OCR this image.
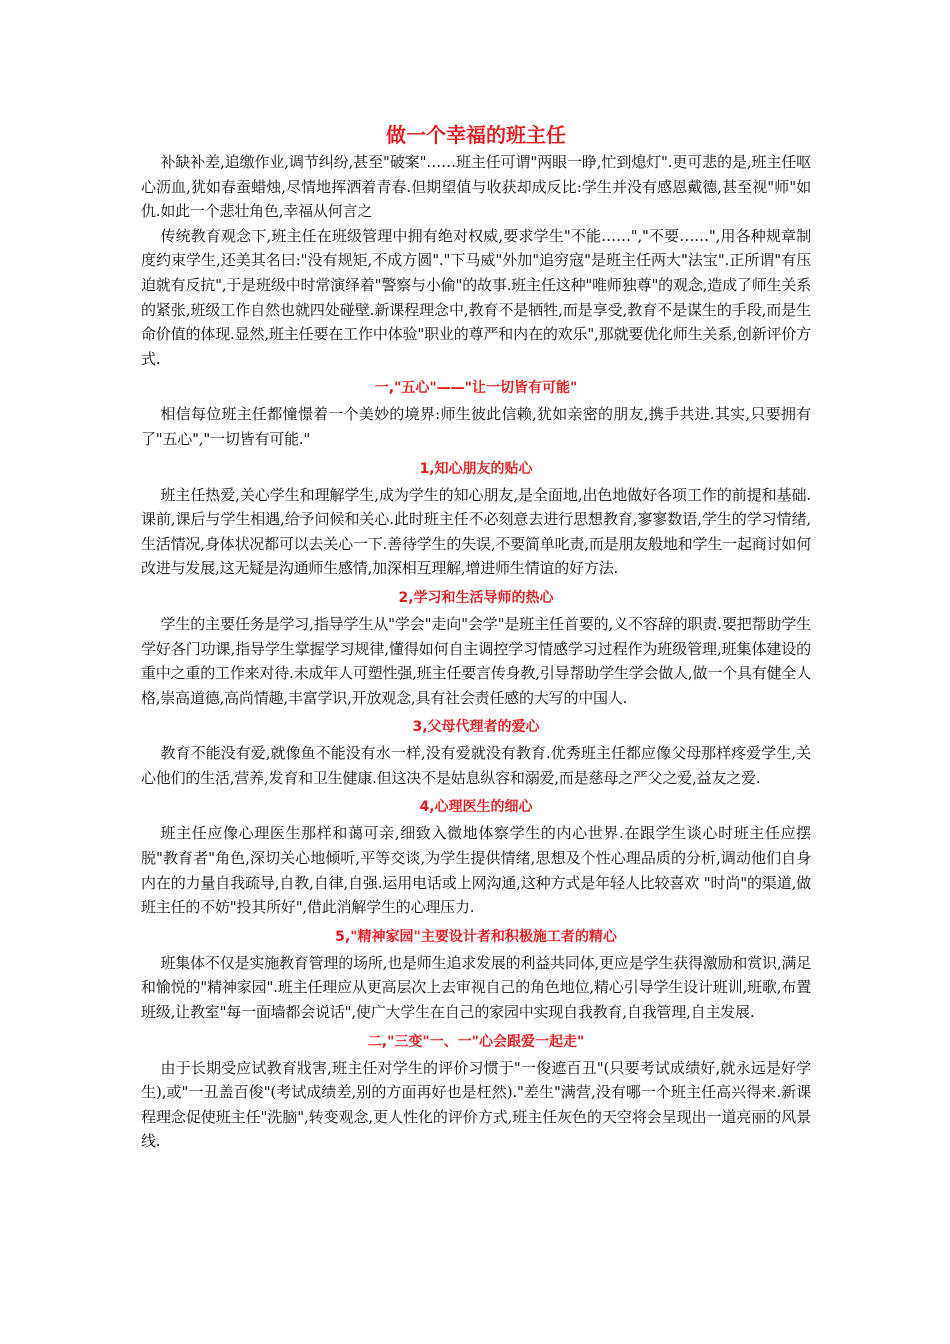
做一个幸福的班主任

补缺补差,追缴作业,调节纠纷,甚至"破案"……班主任可谓"两眼一睁,忙到熄灯".更可悲的是,班主任呕心沥血,犹如春蚕蜡烛,尽情地挥洒着青春.但期望值与收获却成反比:学生并没有感恩戴德,甚至视"师"如仇.如此一个悲壮角色,幸福从何言之

传统教育观念下,班主任在班级管理中拥有绝对权威,要求学生"不能……","不要……",用各种规章制度约束学生,还美其名曰:"没有规矩,不成方圆"."下马威"外加"追穷寇"是班主任两大"法宝".正所谓"有压迫就有反抗",于是班级中时常演绎着"警察与小偷"的故事.班主任这种"唯师独尊"的观念,造成了师生关系的紧张,班级工作自然也就四处碰壁.新课程理念中,教育不是牺牲,而是享受,教育不是谋生的手段,而是生命价值的体现.显然,班主任要在工作中体验"职业的尊严和内在的欢乐",那就要优化师生关系,创新评价方式.

一,"五心"——"让一切皆有可能"

相信每位班主任都憧憬着一个美妙的境界:师生彼此信赖,犹如亲密的朋友,携手共进.其实,只要拥有了"五心","一切皆有可能."

1,知心朋友的贴心

班主任热爱,关心学生和理解学生,成为学生的知心朋友,是全面地,出色地做好各项工作的前提和基础.课前,课后与学生相遇,给予问候和关心.此时班主任不必刻意去进行思想教育,寥寥数语,学生的学习情绪,生活情况,身体状况都可以去关心一下.善待学生的失误,不要简单叱责,而是朋友般地和学生一起商讨如何改进与发展,这无疑是沟通师生感情,加深相互理解,增进师生情谊的好方法.

2,学习和生活导师的热心

学生的主要任务是学习,指导学生从"学会"走向"会学"是班主任首要的,义不容辞的职责.要把帮助学生学好各门功课,指导学生掌握学习规律,懂得如何自主调控学习情感学习过程作为班级管理,班集体建设的重中之重的工作来对待.未成年人可塑性强,班主任要言传身教,引导帮助学生学会做人,做一个具有健全人格,崇高道德,高尚情趣,丰富学识,开放观念,具有社会责任感的大写的中国人.

3,父母代理者的爱心

教育不能没有爱,就像鱼不能没有水一样,没有爱就没有教育.优秀班主任都应像父母那样疼爱学生,关心他们的生活,营养,发育和卫生健康.但这决不是姑息纵容和溺爱,而是慈母之严父之爱,益友之爱.

4,心理医生的细心

班主任应像心理医生那样和蔼可亲,细致入微地体察学生的内心世界.在跟学生谈心时班主任应摆脱"教育者"角色,深切关心地倾听,平等交谈,为学生提供情绪,思想及个性心理品质的分析,调动他们自身内在的力量自我疏导,自教,自律,自强.运用电话或上网沟通,这种方式是年轻人比较喜欢 "时尚"的渠道,做班主任的不妨"投其所好",借此消解学生的心理压力.

5,"精神家园"主要设计者和积极施工者的精心

班集体不仅是实施教育管理的场所,也是师生追求发展的利益共同体,更应是学生获得激励和赏识,满足和愉悦的"精神家园".班主任理应从更高层次上去审视自己的角色地位,精心引导学生设计班训,班歌,布置班级,让教室"每一面墙都会说话",使广大学生在自己的家园中实现自我教育,自我管理,自主发展.

二,"三变"一、一"心会跟爱一起走"

由于长期受应试教育戕害,班主任对学生的评价习惯于"一俊遮百丑"(只要考试成绩好,就永远是好学生),或"一丑盖百俊"(考试成绩差,别的方面再好也是枉然)."差生"满营,没有哪一个班主任高兴得来.新课程理念促使班主任"洗脑",转变观念,更人性化的评价方式,班主任灰色的天空将会呈现出一道亮丽的风景线.
